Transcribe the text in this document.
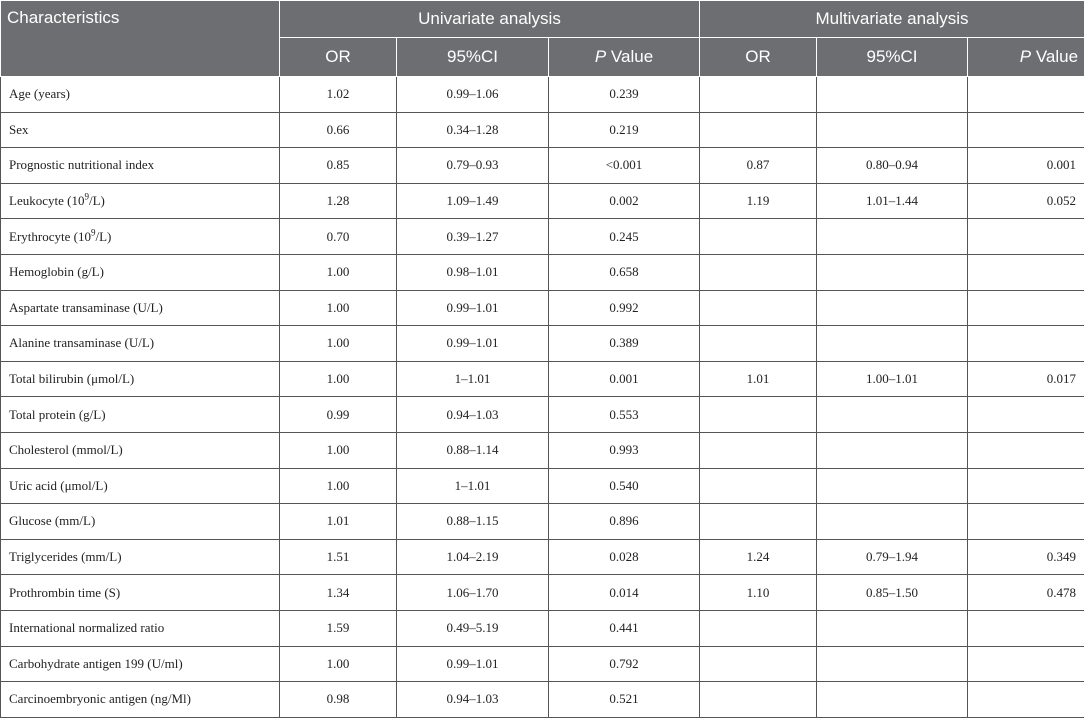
Characteristics	Univariate analysis			Multivariate analysis		
	OR	95%CI	P Value	OR	95%CI	P Value
Age (years)	1.02	0.99–1.06	0.239			
Sex	0.66	0.34–1.28	0.219			
Prognostic nutritional index	0.85	0.79–0.93	<0.001	0.87	0.80–0.94	0.001
Leukocyte $(10^9/L)$	1.28	1.09–1.49	0.002	1.19	1.01–1.44	0.052
Erythrocyte $(10^9/L)$	0.70	0.39–1.27	0.245			
Hemoglobin (g/L)	1.00	0.98–1.01	0.658			
Aspartate transaminase (U/L)	1.00	0.99–1.01	0.992			
Alanine transaminase (U/L)	1.00	0.99–1.01	0.389			
Total bilirubin (μmol/L)	1.00	1–1.01	0.001	1.01	1.00–1.01	0.017
Total protein (g/L)	0.99	0.94–1.03	0.553			
Cholesterol (mmol/L)	1.00	0.88–1.14	0.993			
Uric acid (μmol/L)	1.00	1–1.01	0.540			
Glucose (mm/L)	1.01	0.88–1.15	0.896			
Triglycerides (mm/L)	1.51	1.04–2.19	0.028	1.24	0.79–1.94	0.349
Prothrombin time (S)	1.34	1.06–1.70	0.014	1.10	0.85–1.50	0.478
International normalized ratio	1.59	0.49–5.19	0.441			
Carbohydrate antigen 199 (U/ml)	1.00	0.99–1.01	0.792			
Carcinoembryonic antigen (ng/Ml)	0.98	0.94–1.03	0.521			
